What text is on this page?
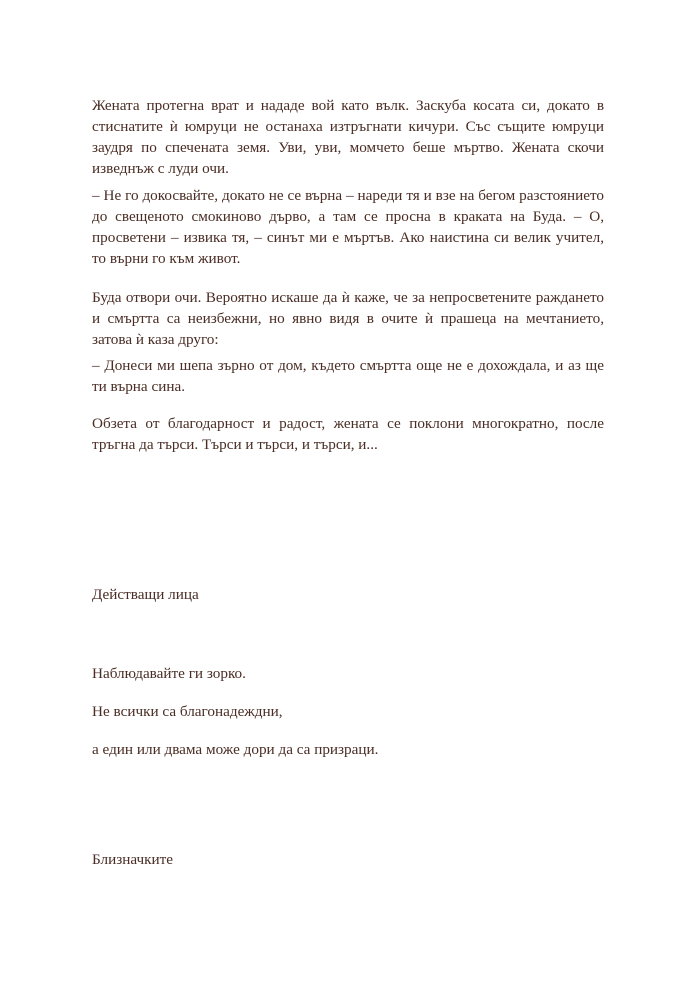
Жената протегна врат и нададе вой като вълк. Заскуба косата си, докато в стиснатите ѝ юмруци не останаха изтръгнати кичури. Със същите юмруци заудря по спечената земя. Уви, уви, момчето беше мъртво. Жената скочи изведнъж с луди очи.

– Не го докосвайте, докато не се върна – нареди тя и взе на бегом разстоянието до свещеното смокиново дърво, а там се просна в краката на Буда. – О, просветени – извика тя, – синът ми е мъртъв. Ако наистина си велик учител, то върни го към живот.

Буда отвори очи. Вероятно искаше да ѝ каже, че за непросветените раждането и смъртта са неизбежни, но явно видя в очите ѝ прашеца на мечтанието, затова ѝ каза друго:

– Донеси ми шепа зърно от дом, където смъртта още не е дохождала, и аз ще ти върна сина.

Обзета от благодарност и радост, жената се поклони многократно, после тръгна да търси. Търси и търси, и търси, и...

Действащи лица

Наблюдавайте ги зорко.

Не всички са благонадеждни,

а един или двама може дори да са призраци.

Близначките
